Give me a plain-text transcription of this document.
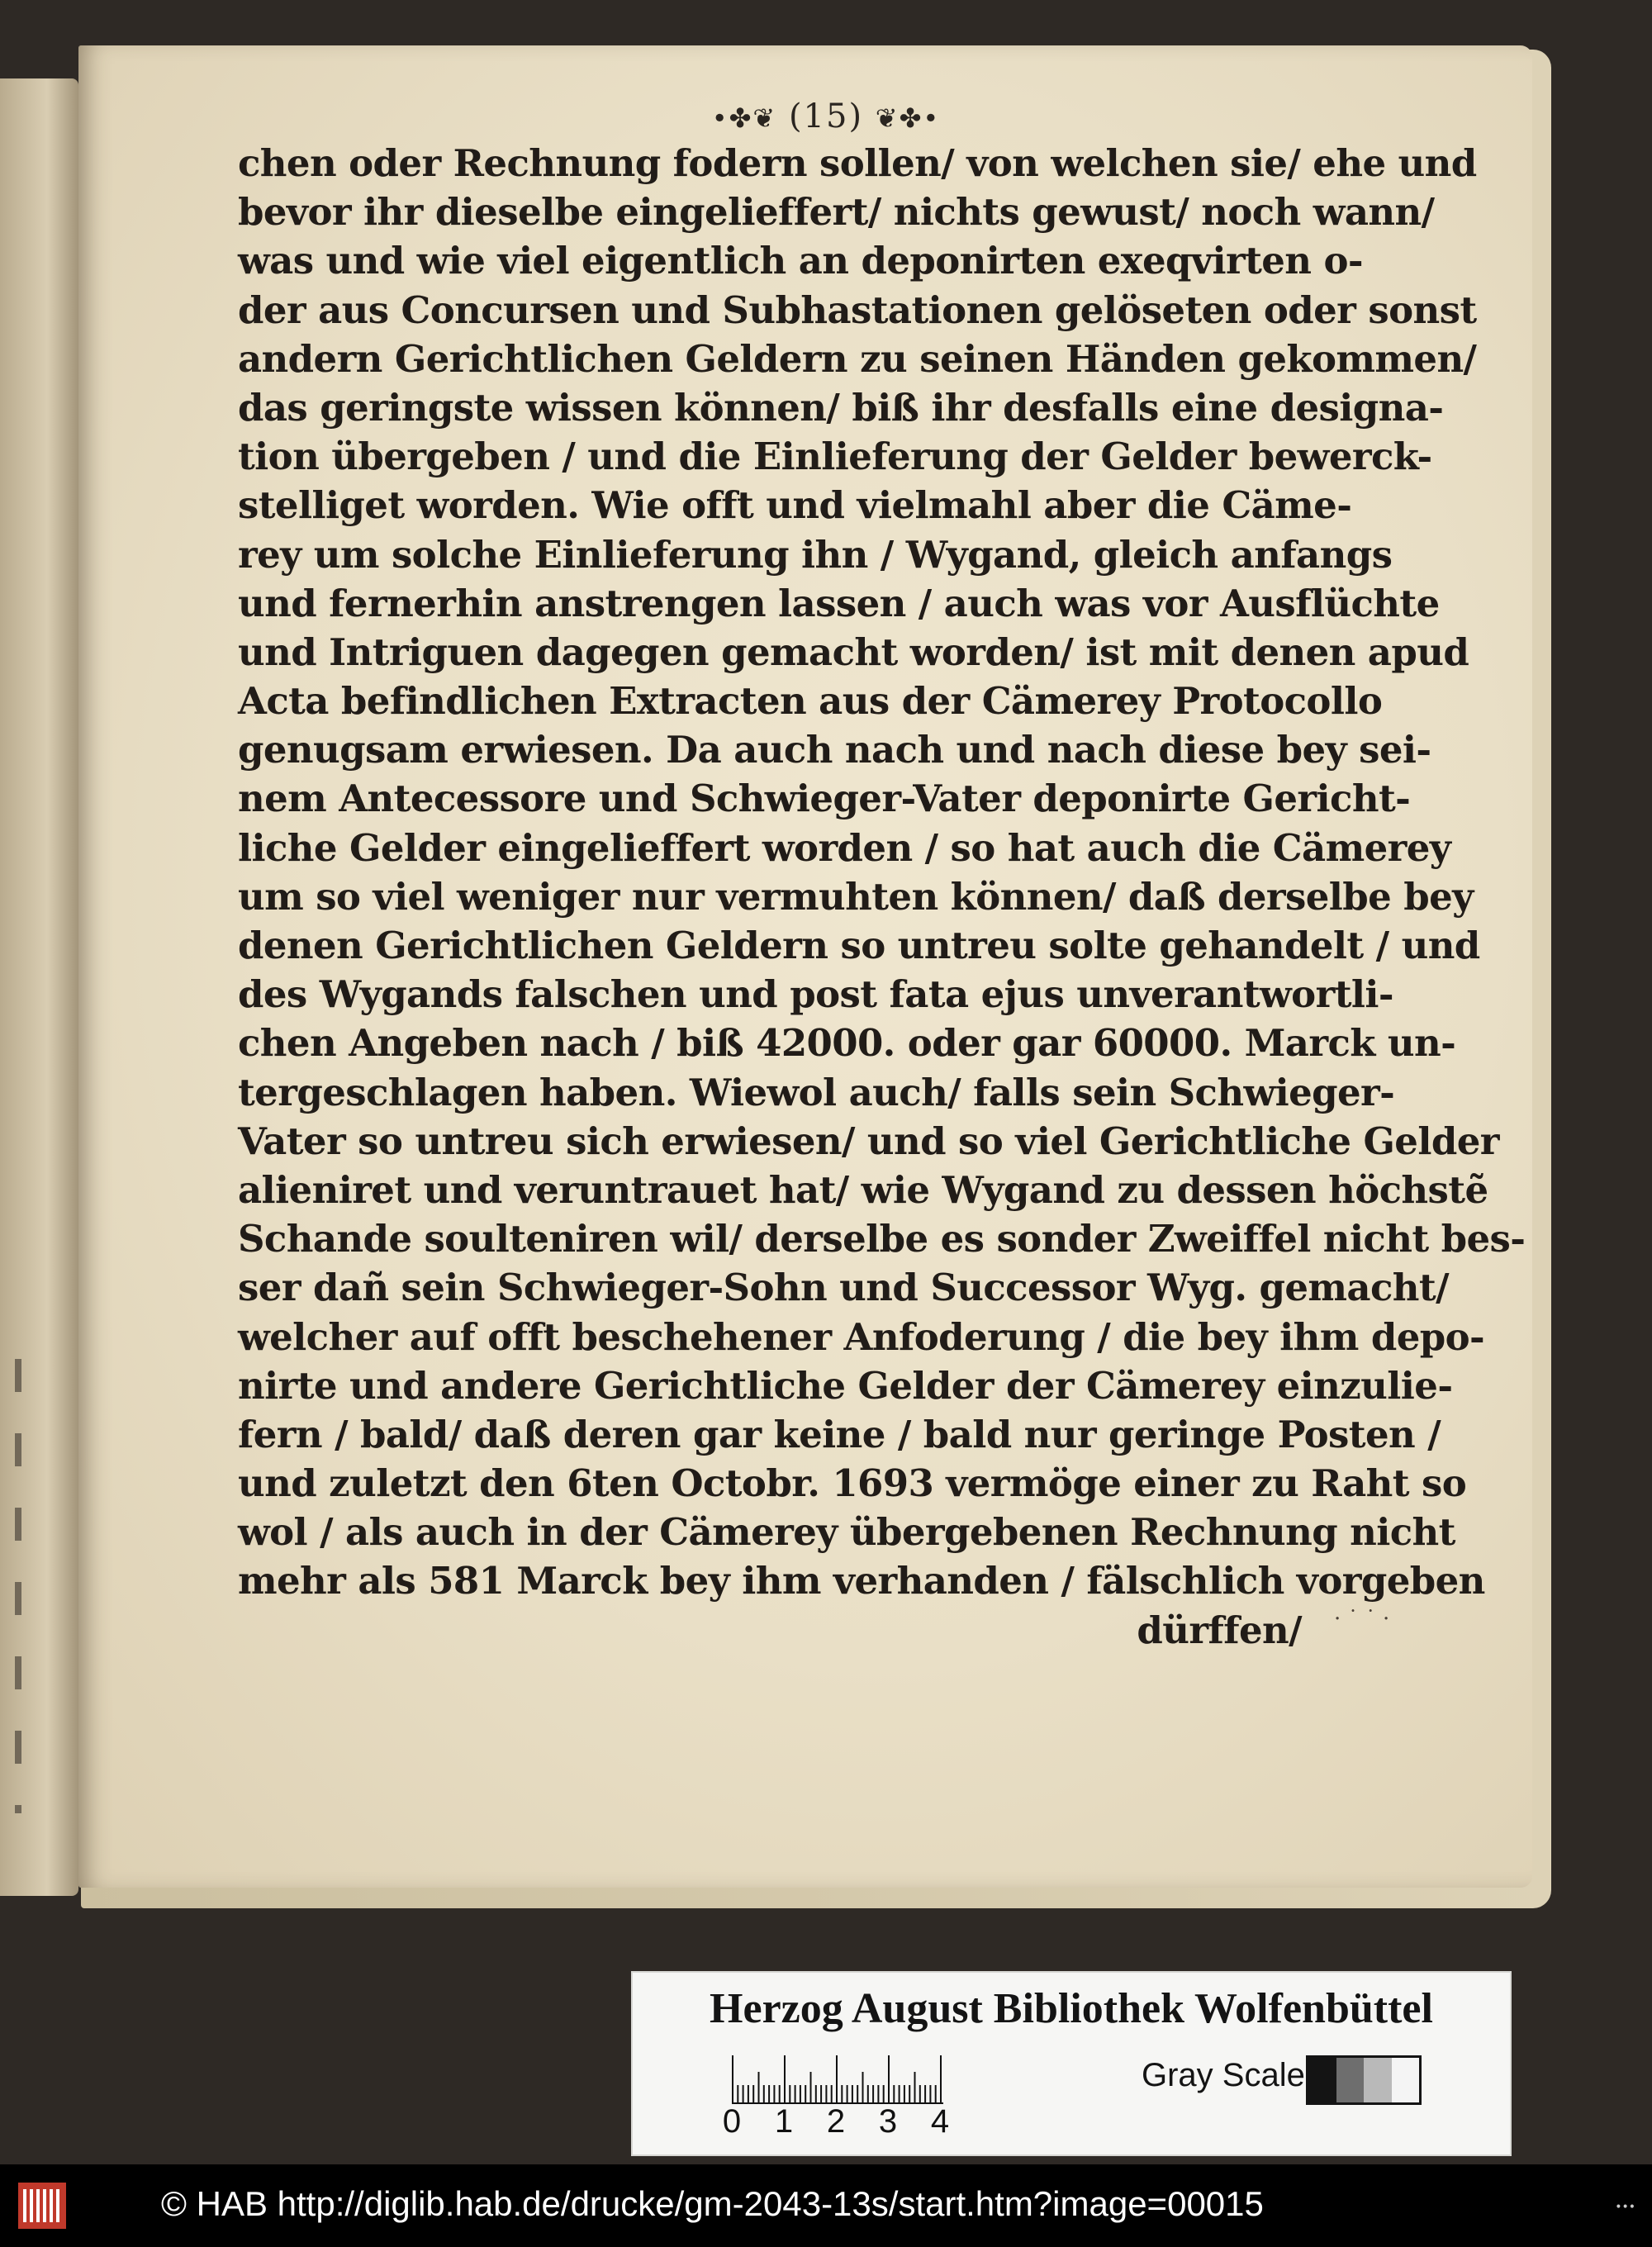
•✤❦ (15) ❦✤•
chen oder Rechnung fodern sollen/ von welchen sie/ ehe und
bevor ihr dieselbe eingelieffert/ nichts gewust/ noch wann/
was und wie viel eigentlich an deponirten exeqvirten o-
der aus Concursen und Subhastationen gelöseten oder sonst
andern Gerichtlichen Geldern zu seinen Händen gekommen/
das geringste wissen können/ biß ihr desfalls eine designa-
tion übergeben / und die Einlieferung der Gelder bewerck-
stelliget worden. Wie offt und vielmahl aber die Cäme-
rey um solche Einlieferung ihn / Wygand, gleich anfangs
und fernerhin anstrengen lassen / auch was vor Ausflüchte
und Intriguen dagegen gemacht worden/ ist mit denen apud
Acta befindlichen Extracten aus der Cämerey Protocollo
genugsam erwiesen. Da auch nach und nach diese bey sei-
nem Antecessore und Schwieger-Vater deponirte Gericht-
liche Gelder eingelieffert worden / so hat auch die Cämerey
um so viel weniger nur vermuhten können/ daß derselbe bey
denen Gerichtlichen Geldern so untreu solte gehandelt / und
des Wygands falschen und post fata ejus unverantwortli-
chen Angeben nach / biß 42000. oder gar 60000. Marck un-
tergeschlagen haben. Wiewol auch/ falls sein Schwieger-
Vater so untreu sich erwiesen/ und so viel Gerichtliche Gelder
alieniret und veruntrauet hat/ wie Wygand zu dessen höchstẽ
Schande soulteniren wil/ derselbe es sonder Zweiffel nicht bes-
ser dañ sein Schwieger-Sohn und Successor Wyg. gemacht/
welcher auf offt beschehener Anfoderung / die bey ihm depo-
nirte und andere Gerichtliche Gelder der Cämerey einzulie-
fern / bald/ daß deren gar keine / bald nur geringe Posten /
und zuletzt den 6ten Octobr. 1693 vermöge einer zu Raht so
wol / als auch in der Cämerey übergebenen Rechnung nicht
mehr als 581 Marck bey ihm verhanden / fälschlich vorgeben
dürffen/ · ˙ ˙ ·
Herzog August Bibliothek Wolfenbüttel
0 1 2 3 4
Gray Scale
© HAB http://diglib.hab.de/drucke/gm-2043-13s/start.htm?image=00015	•••
